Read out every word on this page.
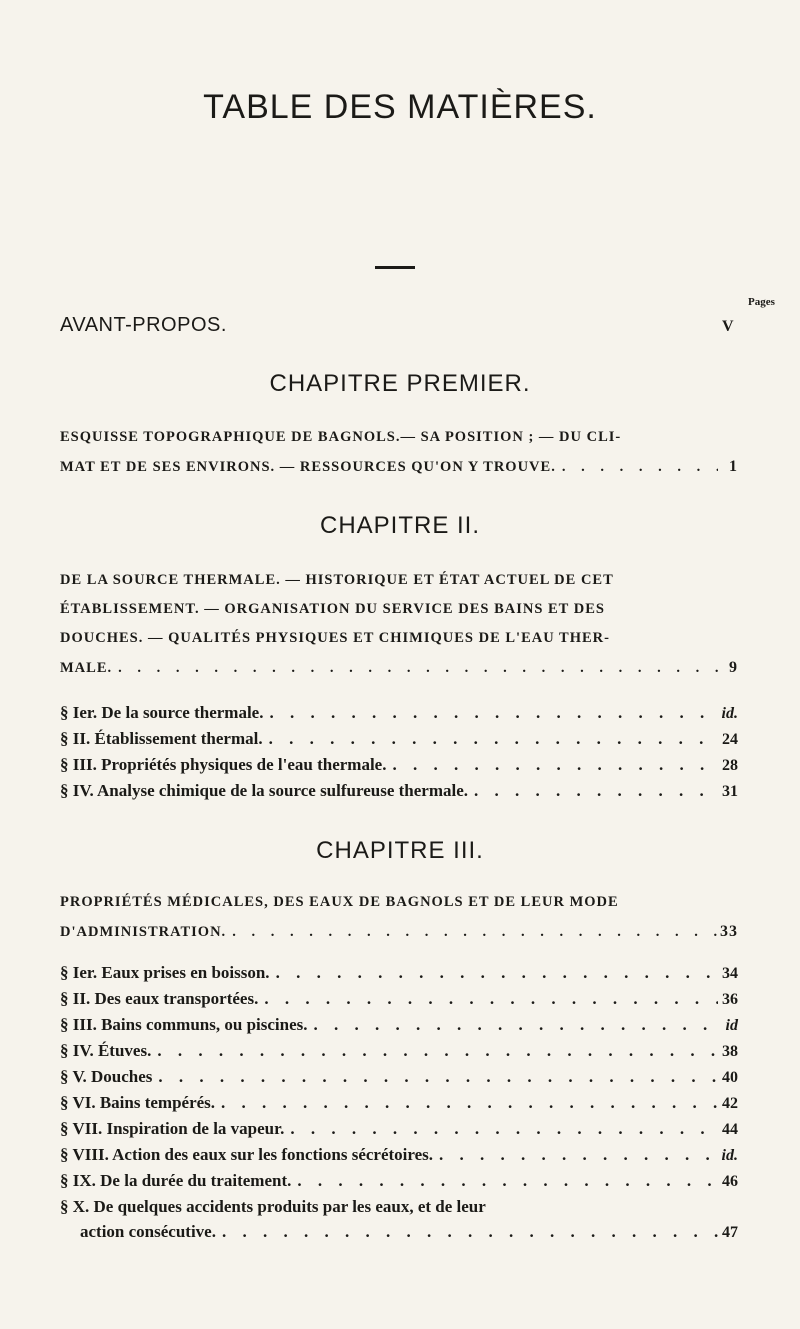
TABLE DES MATIÈRES.
Pages
AVANT-PROPOS.	V
CHAPITRE PREMIER.
ESQUISSE TOPOGRAPHIQUE DE BAGNOLS.— SA POSITION ; — DU CLI-
MAT ET DE SES ENVIRONS. — RESSOURCES QU'ON Y TROUVE. . . .	1
CHAPITRE II.
DE LA SOURCE THERMALE. — HISTORIQUE ET ÉTAT ACTUEL DE CET
ÉTABLISSEMENT. — ORGANISATION DU SERVICE DES BAINS ET DES
DOUCHES. — QUALITÉS PHYSIQUES ET CHIMIQUES DE L'EAU THER-
MALE. . . .	9
§ Ier. De la source thermale. . . .	id.
§ II. Établissement thermal. . . .	24
§ III. Propriétés physiques de l'eau thermale. . . .	28
§ IV. Analyse chimique de la source sulfureuse thermale. . . .	31
CHAPITRE III.
PROPRIÉTÉS MÉDICALES, DES EAUX DE BAGNOLS ET DE LEUR MODE
D'ADMINISTRATION. . . .	33
§ Ier. Eaux prises en boisson. . . .	34
§ II. Des eaux transportées. . . .	36
§ III. Bains communs, ou piscines. . . .	id
§ IV. Étuves. . . .	38
§ V. Douches . . .	40
§ VI. Bains tempérés. . . .	42
§ VII. Inspiration de la vapeur. . . .	44
§ VIII. Action des eaux sur les fonctions sécrétoires. . . .	id.
§ IX. De la durée du traitement. . . .	46
§ X. De quelques accidents produits par les eaux, et de leur
action consécutive. . . .	47
